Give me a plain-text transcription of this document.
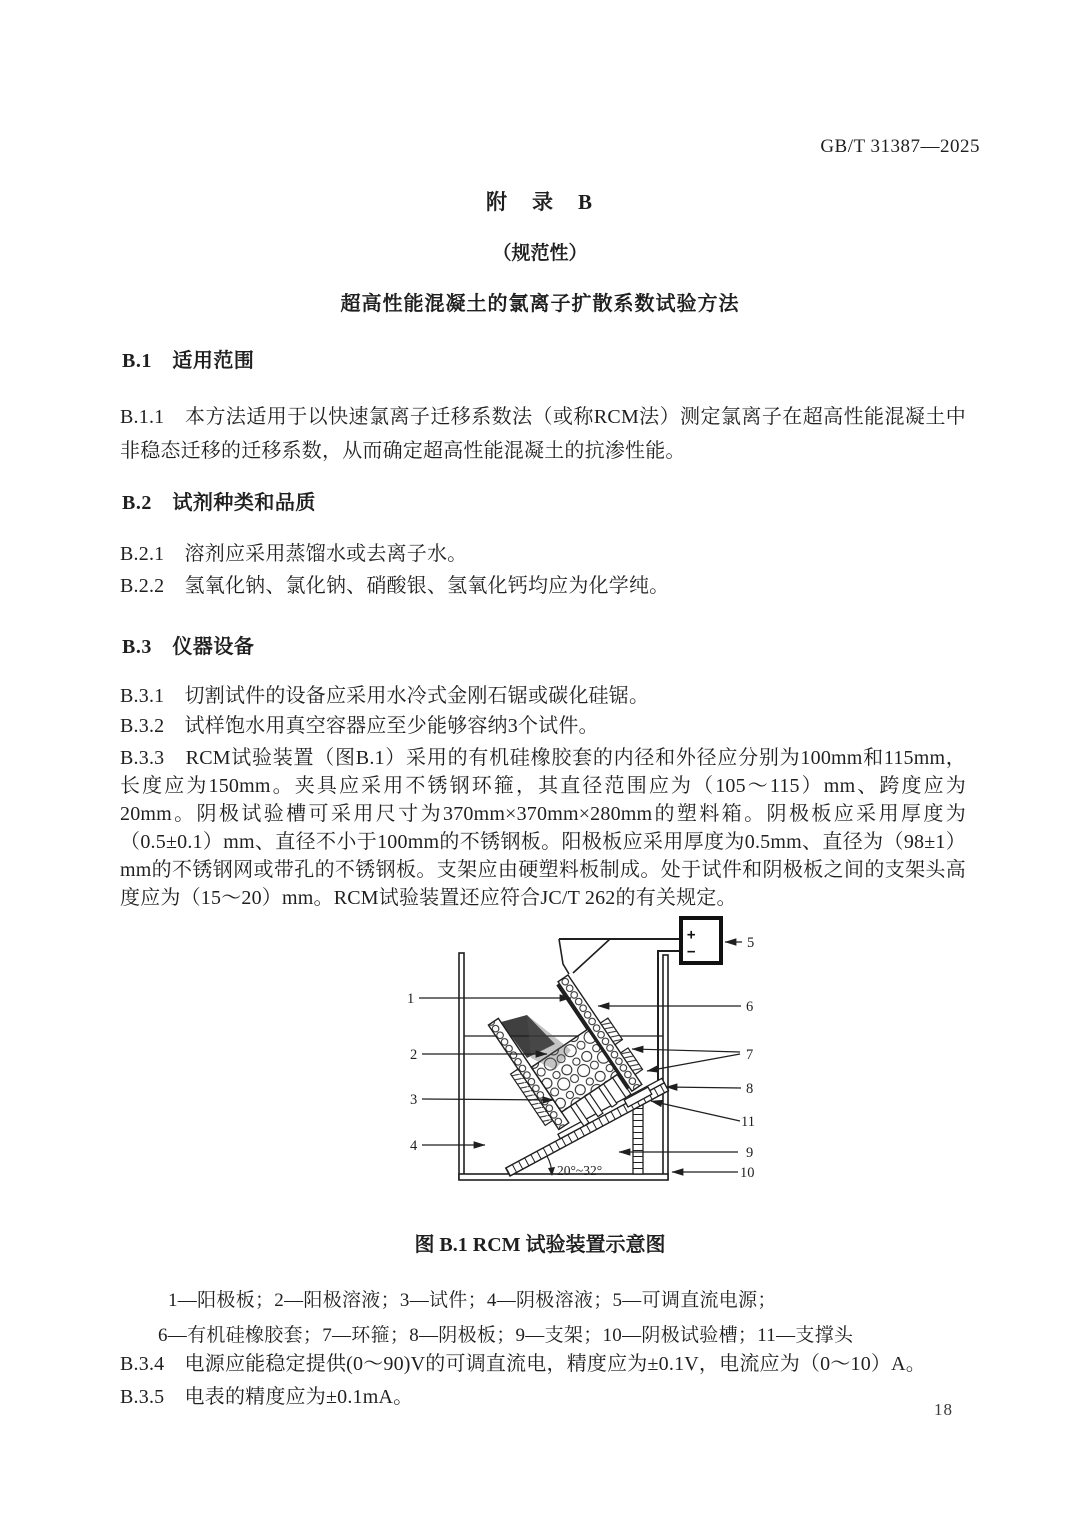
GB/T 31387—2025
附　录　B
（规范性）
超高性能混凝土的氯离子扩散系数试验方法
B.1　适用范围
B.1.1　本方法适用于以快速氯离子迁移系数法（或称RCM法）测定氯离子在超高性能混凝土中非稳态迁移的迁移系数，从而确定超高性能混凝土的抗渗性能。
B.2　试剂种类和品质
B.2.1　溶剂应采用蒸馏水或去离子水。
B.2.2　氢氧化钠、氯化钠、硝酸银、氢氧化钙均应为化学纯。
B.3　仪器设备
B.3.1　切割试件的设备应采用水冷式金刚石锯或碳化硅锯。
B.3.2　试样饱水用真空容器应至少能够容纳3个试件。
B.3.3　RCM试验装置（图B.1）采用的有机硅橡胶套的内径和外径应分别为100mm和115mm，长度应为150mm。夹具应采用不锈钢环箍，其直径范围应为（105～115）mm、跨度应为20mm。阴极试验槽可采用尺寸为370mm×370mm×280mm的塑料箱。阴极板应采用厚度为（0.5±0.1）mm、直径不小于100mm的不锈钢板。阳极板应采用厚度为0.5mm、直径为（98±1）mm的不锈钢网或带孔的不锈钢板。支架应由硬塑料板制成。处于试件和阴极板之间的支架头高度应为（15～20）mm。RCM试验装置还应符合JC/T 262的有关规定。
+
−
20°~32°
1
2
3
4
5
6
7
8
11
9
10
图 B.1 RCM 试验装置示意图
1—阳极板；2—阳极溶液；3—试件；4—阴极溶液；5—可调直流电源；
6—有机硅橡胶套；7—环箍；8—阴极板；9—支架；10—阴极试验槽；11—支撑头
B.3.4　电源应能稳定提供(0～90)V的可调直流电，精度应为±0.1V，电流应为（0～10）A。
B.3.5　电表的精度应为±0.1mA。
18
